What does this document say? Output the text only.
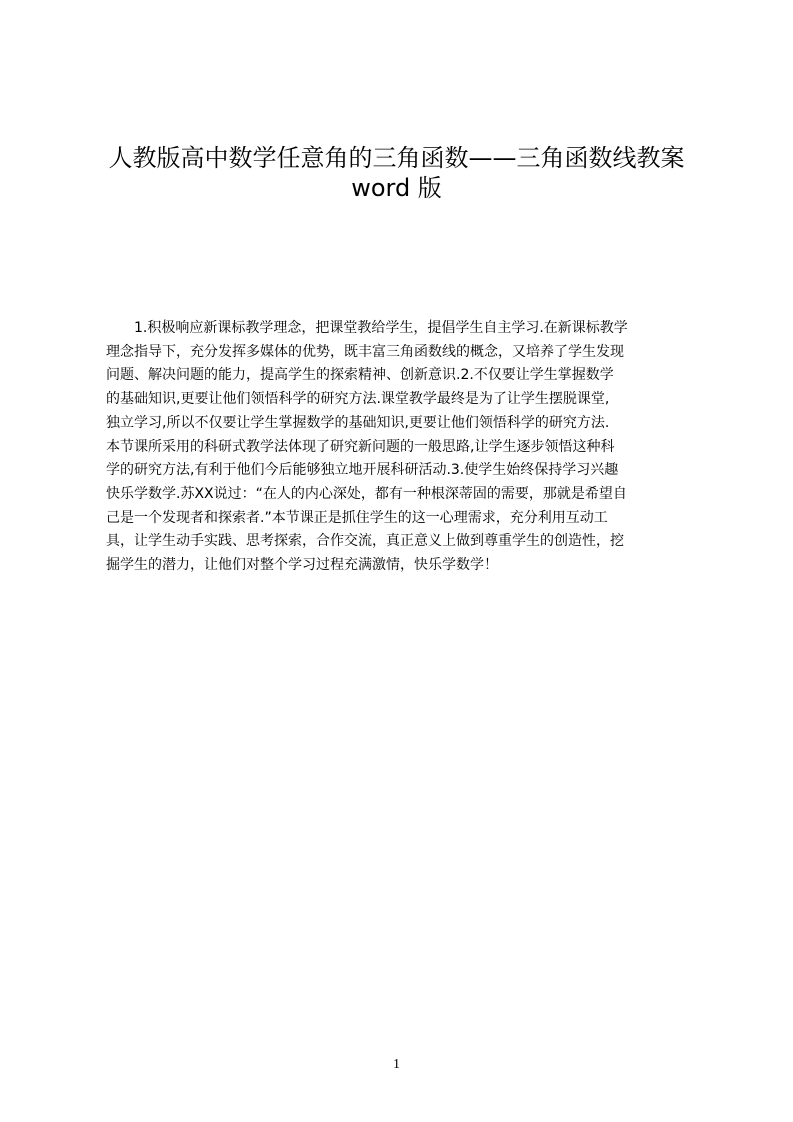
人教版高中数学任意角的三角函数——三角函数线教案
word 版
1.积极响应新课标教学理念，把课堂教给学生，提倡学生自主学习.在新课标教学
理念指导下，充分发挥多媒体的优势，既丰富三角函数线的概念，又培养了学生发现
问题、解决问题的能力，提高学生的探索精神、创新意识.2.不仅要让学生掌握数学
的基础知识,更要让他们领悟科学的研究方法.课堂教学最终是为了让学生摆脱课堂,
独立学习,所以不仅要让学生掌握数学的基础知识,更要让他们领悟科学的研究方法.
本节课所采用的科研式教学法体现了研究新问题的一般思路,让学生逐步领悟这种科
学的研究方法,有利于他们今后能够独立地开展科研活动.3.使学生始终保持学习兴趣
快乐学数学.苏XX说过：“在人的内心深处，都有一种根深蒂固的需要，那就是希望自
己是一个发现者和探索者.”本节课正是抓住学生的这一心理需求，充分利用互动工
具，让学生动手实践、思考探索，合作交流，真正意义上做到尊重学生的创造性，挖
掘学生的潜力，让他们对整个学习过程充满激情，快乐学数学！
1
